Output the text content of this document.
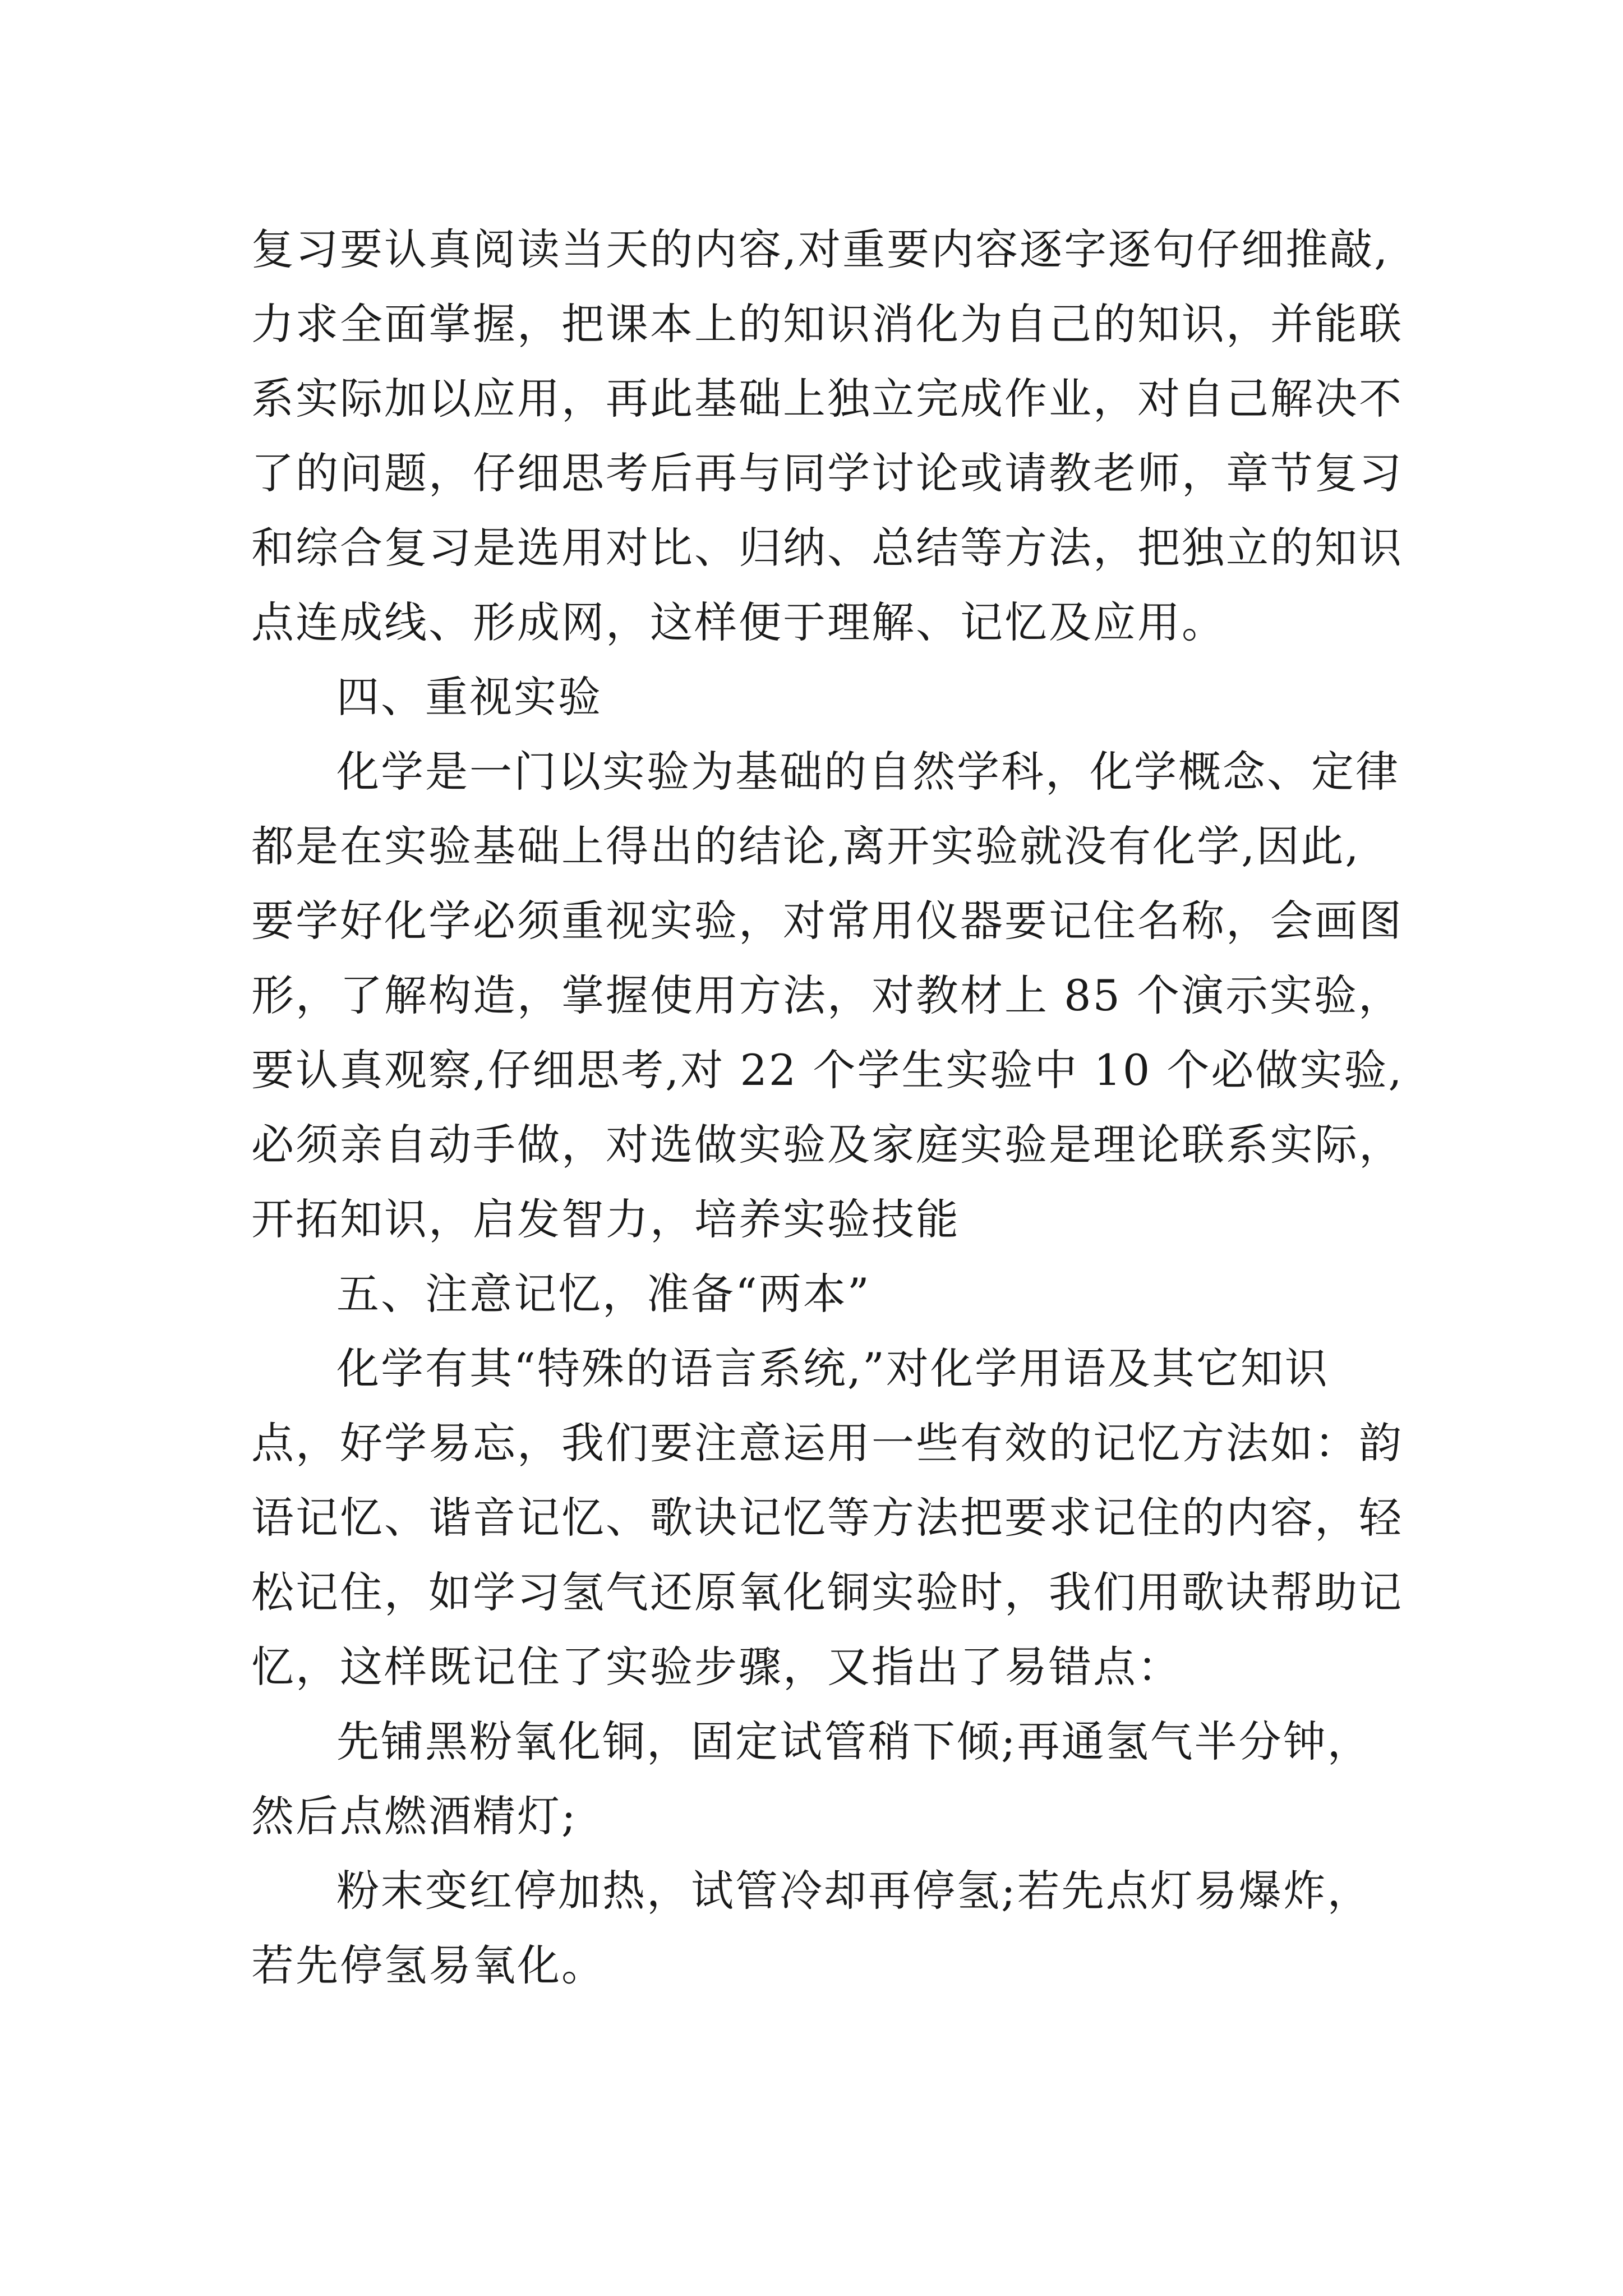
复习要认真阅读当天的内容,对重要内容逐字逐句仔细推敲,
力求全面掌握，把课本上的知识消化为自己的知识，并能联
系实际加以应用，再此基础上独立完成作业，对自己解决不
了的问题，仔细思考后再与同学讨论或请教老师，章节复习
和综合复习是选用对比、归纳、总结等方法，把独立的知识
点连成线、形成网，这样便于理解、记忆及应用。
四、重视实验
化学是一门以实验为基础的自然学科，化学概念、定律
都是在实验基础上得出的结论,离开实验就没有化学,因此,
要学好化学必须重视实验，对常用仪器要记住名称，会画图
形，了解构造，掌握使用方法，对教材上 85 个演示实验，
要认真观察,仔细思考,对 22 个学生实验中 10 个必做实验,
必须亲自动手做，对选做实验及家庭实验是理论联系实际，
开拓知识，启发智力，培养实验技能
五、注意记忆，准备“两本”
化学有其“特殊的语言系统,”对化学用语及其它知识
点，好学易忘，我们要注意运用一些有效的记忆方法如：韵
语记忆、谐音记忆、歌诀记忆等方法把要求记住的内容，轻
松记住，如学习氢气还原氧化铜实验时，我们用歌诀帮助记
忆，这样既记住了实验步骤，又指出了易错点：
先铺黑粉氧化铜，固定试管稍下倾;再通氢气半分钟，
然后点燃酒精灯;
粉末变红停加热，试管冷却再停氢;若先点灯易爆炸，
若先停氢易氧化。
